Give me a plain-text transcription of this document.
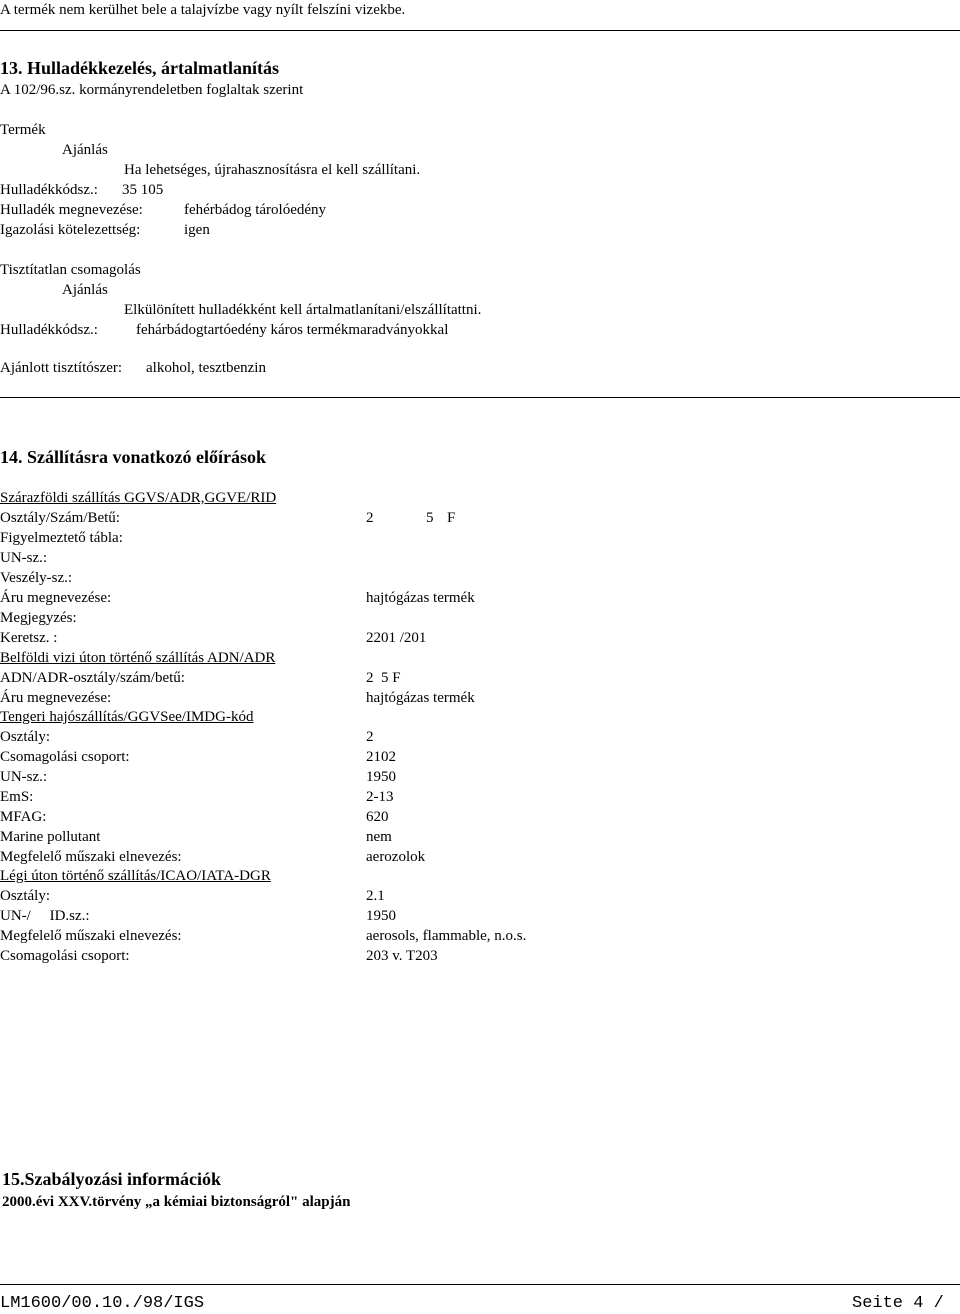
A termék nem kerülhet bele a talajvízbe vagy nyílt felszíni vizekbe.
13. Hulladékkezelés, ártalmatlanítás
A 102/96.sz. kormányrendeletben foglaltak szerint
Termék
Ajánlás
Ha lehetséges, újrahasznosításra el kell szállítani.
Hulladékkódsz.: 35 105
Hulladék megnevezése:	fehérbádog tárolóedény
Igazolási kötelezettség:	igen
Tisztítatlan csomagolás
Ajánlás
Elkülönített hulladékként kell ártalmatlanítani/elszállítattni.
Hulladékkódsz.:	fehárbádogtartóedény káros termékmaradványokkal
Ajánlott tisztítószer: alkohol, tesztbenzin
14. Szállításra vonatkozó előírások
Szárazföldi szállítás GGVS/ADR,GGVE/RID
Osztály/Szám/Betű:	2	5 F
Figyelmeztető tábla:
UN-sz.:
Veszély-sz.:
Áru megnevezése:	hajtógázas termék
Megjegyzés:
Keretsz. :	2201 /201
Belföldi vizi úton történő szállítás ADN/ADR
ADN/ADR-osztály/szám/betű:	2  5 F
Áru megnevezése:	hajtógázas termék
Tengeri hajószállítás/GGVSee/IMDG-kód
Osztály:	2
Csomagolási csoport:	2102
UN-sz.:	1950
EmS:	2-13
MFAG:	620
Marine pollutant	nem
Megfelelő műszaki elnevezés:	aerozolok
Légi úton történő szállítás/ICAO/IATA-DGR
Osztály:	2.1
UN-/     ID.sz.:	1950
Megfelelő műszaki elnevezés:	aerosols, flammable, n.o.s.
Csomagolási csoport:	203 v. T203
15.Szabályozási információk
2000.évi XXV.törvény „a kémiai biztonságról" alapján
LM1600/00.10./98/IGS	Seite 4 /
